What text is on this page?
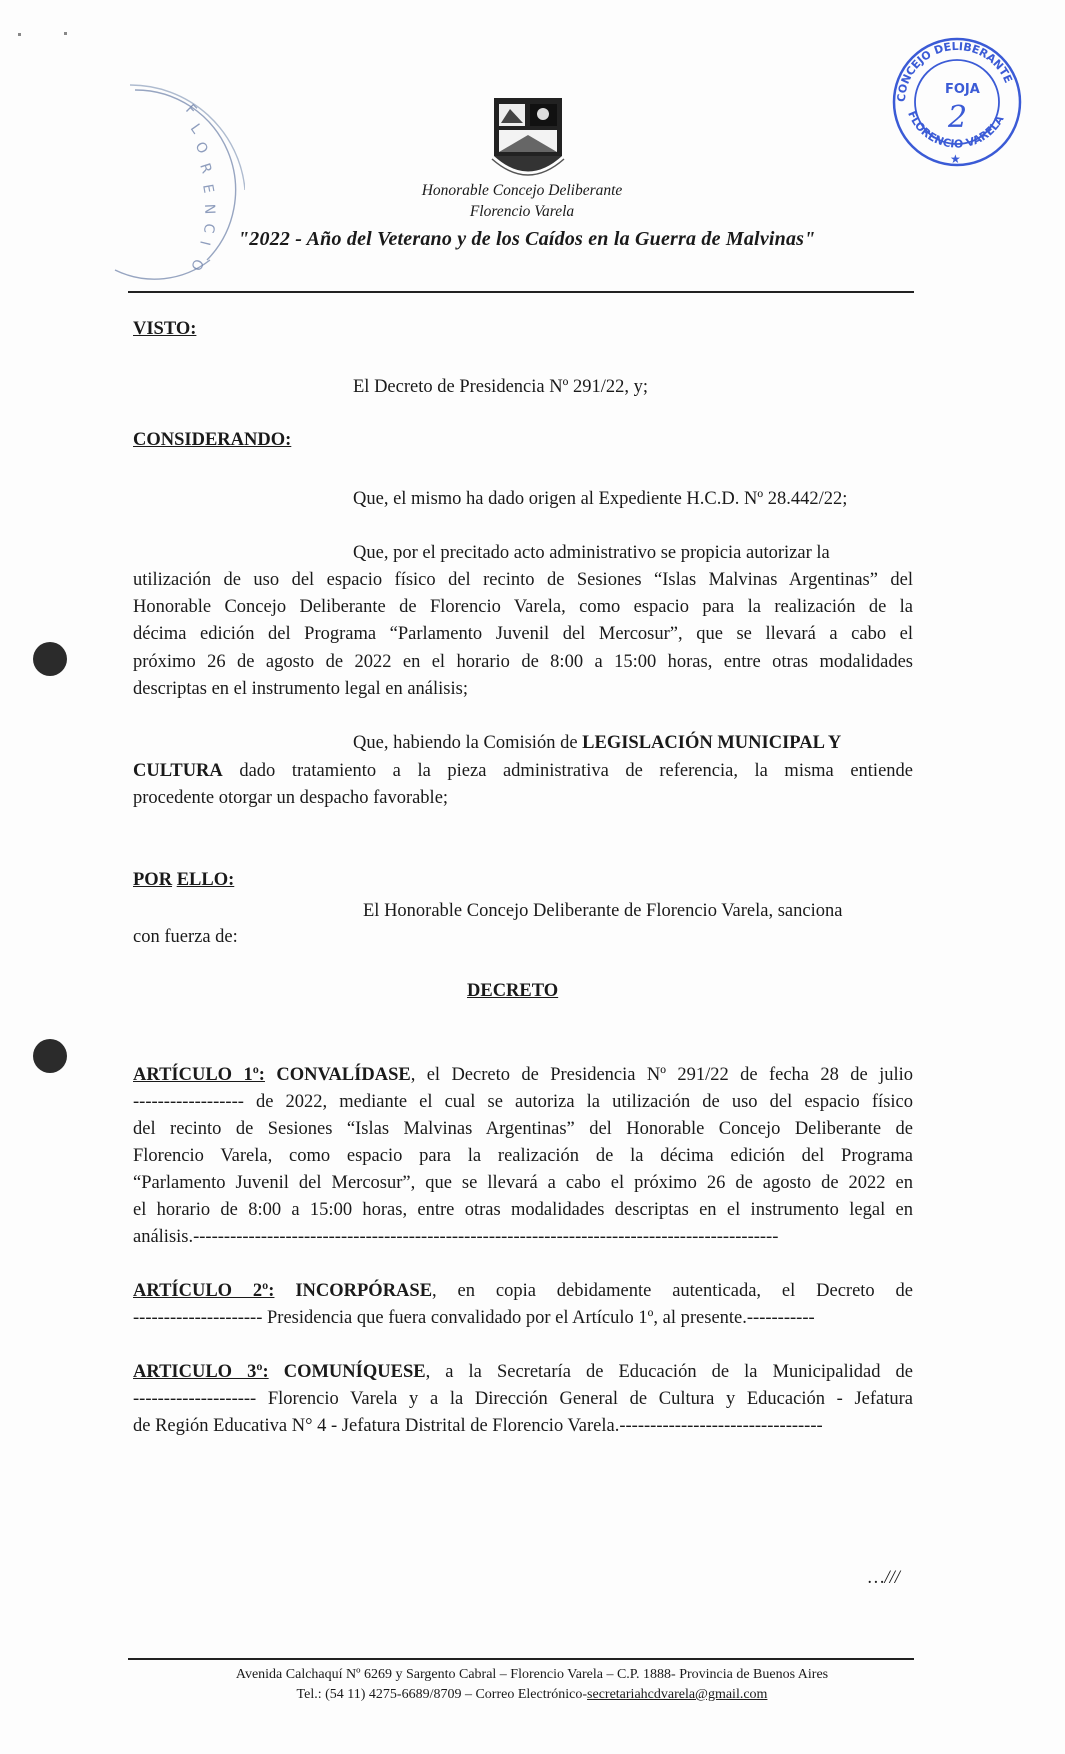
F
L
O
R
E
N
C
I
O
CONCEJO DELIBERANTE
FLORENCIO VARELA
FOJA
2
★
Honorable Concejo Deliberante
Florencio Varela
"2022 - Año del Veterano y de los Caídos en la Guerra de Malvinas"
VISTO:
El Decreto de Presidencia Nº 291/22, y;
CONSIDERANDO:
Que, el mismo ha dado origen al Expediente H.C.D. Nº 28.442/22;
Que, por el precitado acto administrativo se propicia autorizar la
utilización de uso del espacio físico del recinto de Sesiones “Islas Malvinas Argentinas” del
Honorable Concejo Deliberante de Florencio Varela, como espacio para la realización de la
décima edición del Programa “Parlamento Juvenil del Mercosur”, que se llevará a cabo el
próximo 26 de agosto de 2022 en el horario de 8:00 a 15:00 horas, entre otras modalidades
descriptas en el instrumento legal en análisis;
Que, habiendo la Comisión de LEGISLACIÓN MUNICIPAL Y
CULTURA dado tratamiento a la pieza administrativa de referencia, la misma entiende
procedente otorgar un despacho favorable;
POR ELLO:
El Honorable Concejo Deliberante de Florencio Varela, sanciona
con fuerza de:
DECRETO
ARTÍCULO 1º: CONVALÍDASE, el Decreto de Presidencia Nº 291/22 de fecha 28 de julio
------------------ de 2022, mediante el cual se autoriza la utilización de uso del espacio físico
del recinto de Sesiones “Islas Malvinas Argentinas” del Honorable Concejo Deliberante de
Florencio Varela, como espacio para la realización de la décima edición del Programa
“Parlamento Juvenil del Mercosur”, que se llevará a cabo el próximo 26 de agosto de 2022 en
el horario de 8:00 a 15:00 horas, entre otras modalidades descriptas en el instrumento legal en
análisis.-----------------------------------------------------------------------------------------------
ARTÍCULO 2º: INCORPÓRASE, en copia debidamente autenticada, el Decreto de
--------------------- Presidencia que fuera convalidado por el Artículo 1º, al presente.-----------
ARTICULO 3º: COMUNÍQUESE, a la Secretaría de Educación de la Municipalidad de
-------------------- Florencio Varela y a la Dirección General de Cultura y Educación - Jefatura
de Región Educativa N° 4 - Jefatura Distrital de Florencio Varela.---------------------------------
…///
Avenida Calchaquí Nº 6269 y Sargento Cabral – Florencio Varela – C.P. 1888- Provincia de Buenos Aires
Tel.: (54 11) 4275-6689/8709 – Correo Electrónico-secretariahcdvarela@gmail.com
